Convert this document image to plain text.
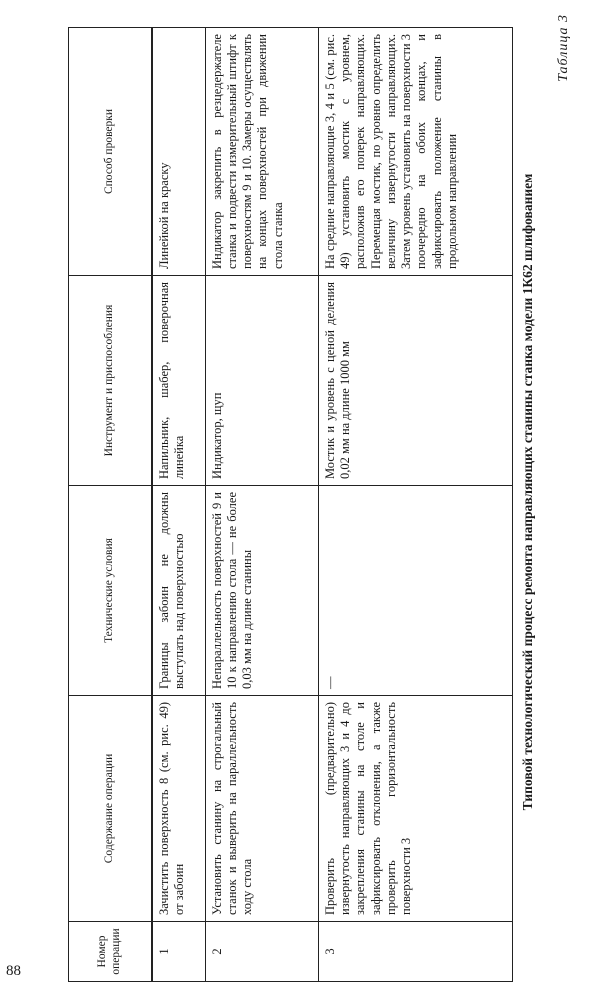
88
Таблица 3
Типовой технологический процесс ремонта направляющих станины станка модели 1К62 шлифованием
Номер операции	Содержание операции	Технические условия	Инструмент и приспособления	Способ проверки
1	Зачистить поверхность 8 (см. рис. 49) от забоин	Границы забоин не должны выступать над поверхностью	Напильник, шабер, поверочная линейка	Линейкой на краску
2	Установить станину на строгальный станок и выверить на параллельность ходу стола	Непараллельность поверхностей 9 и 10 к направлению стола — не более 0,03 мм на длине станины	Индикатор, щуп	Индикатор закрепить в резцедержателе станка и подвести измерительный штифт к поверхностям 9 и 10. Замеры осуществлять на концах поверхностей при движении стола станка
3	Проверить (предварительно) извернутость направляющих 3 и 4 до закрепления станины на столе и зафиксировать отклонения, а также проверить горизонтальность поверхности 3	—	Мостик и уровень с ценой деления 0,02 мм на длине 1000 мм	На средние направляющие 3, 4 и 5 (см. рис. 49) установить мостик с уровнем, расположив его поперек направляющих. Перемещая мостик, по уровню определить величину извернутости направляющих. Затем уровень установить на поверхности 3 поочередно на обоих концах, и зафиксировать положение станины в продольном направлении
